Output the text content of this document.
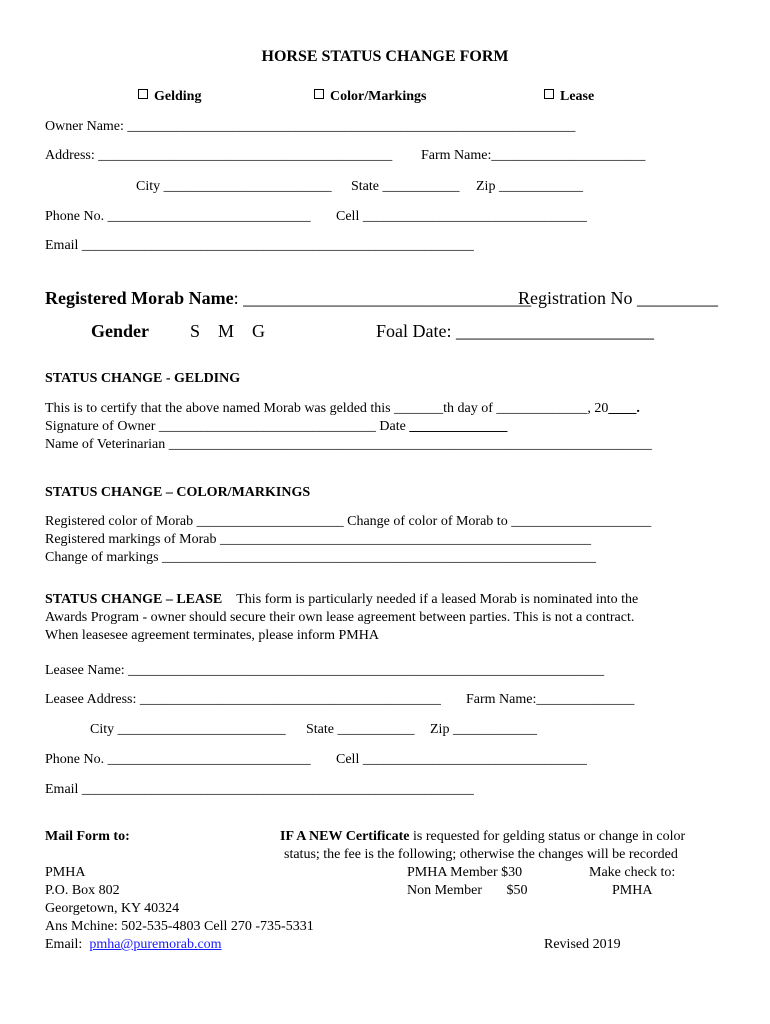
HORSE STATUS CHANGE FORM
Gelding	Color/Markings	Lease
Owner Name: ________________________________________________________________
Address: __________________________________________ Farm Name:______________________
City ________________________ State ___________ Zip ____________
Phone No. _____________________________ Cell ________________________________
Email ________________________________________________________
Registered Morab Name: ________________________________
Registration No _________
Gender S    M    G	Foal Date: ______________________
STATUS CHANGE - GELDING
This is to certify that the above named Morab was gelded this _______th day of _____________, 20____.
Signature of Owner _______________________________ Date ______________
Name of Veterinarian _____________________________________________________________________
STATUS CHANGE – COLOR/MARKINGS
Registered color of Morab _____________________ Change of color of Morab to ____________________
Registered markings of Morab _____________________________________________________
Change of markings ______________________________________________________________
STATUS CHANGE – LEASE This form is particularly needed if a leased Morab is nominated into the
Awards Program - owner should secure their own lease agreement between parties. This is not a contract.
When leasesee agreement terminates, please inform PMHA
Leasee Name: ____________________________________________________________________
Leasee Address: ___________________________________________ Farm Name:______________
City ________________________ State ___________ Zip ____________
Phone No. _____________________________ Cell ________________________________
Email ________________________________________________________
Mail Form to:	IF A NEW Certificate is requested for gelding status or change in color
status; the fee is the following; otherwise the changes will be recorded
PMHA	PMHA Member $30	Make check to:
P.O. Box 802	Non Member       $50	PMHA
Georgetown, KY 40324
Ans Mchine: 502-535-4803 Cell 270 -735-5331
Email:  pmha@puremorab.com	Revised 2019
